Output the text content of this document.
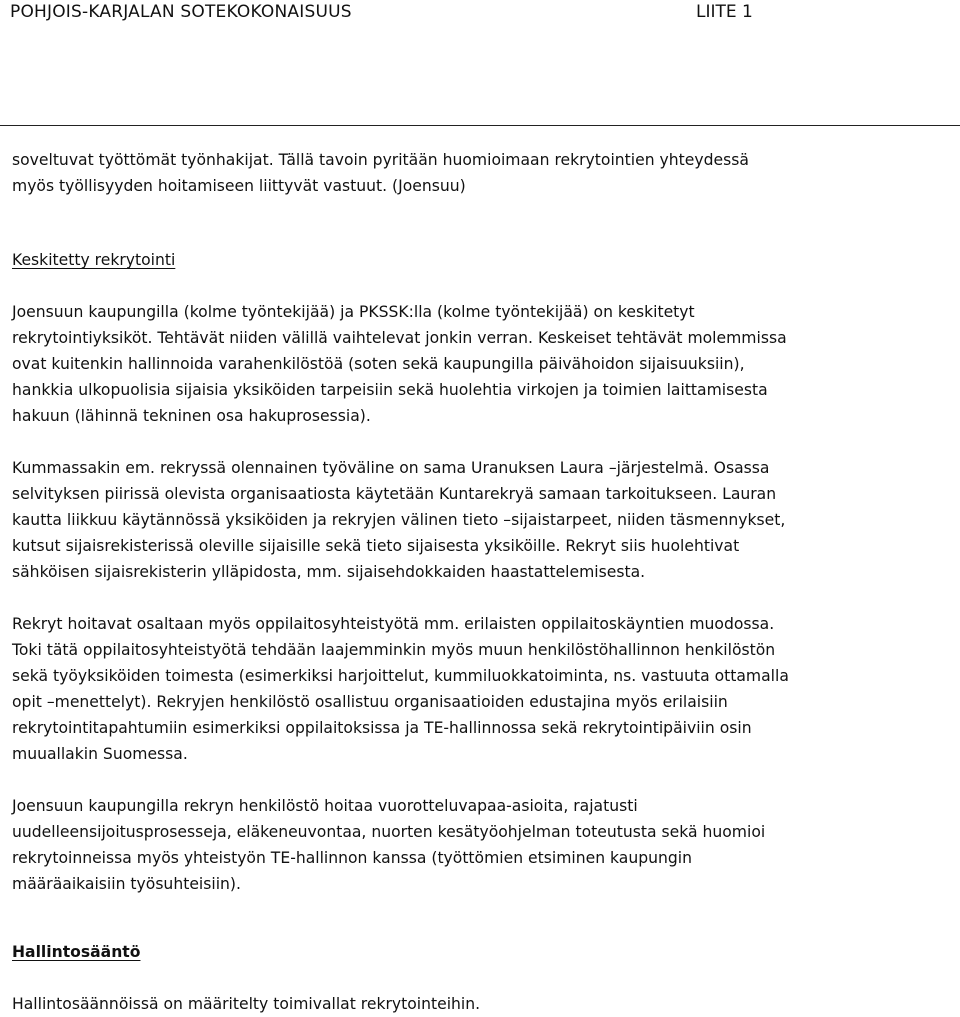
POHJOIS-KARJALAN SOTEKOKONAISUUS	LIITE 1

soveltuvat työttömät työnhakijat. Tällä tavoin pyritään huomioimaan rekrytointien yhteydessä
myös työllisyyden hoitamiseen liittyvät vastuut. (Joensuu)

Keskitetty rekrytointi

Joensuun kaupungilla (kolme työntekijää) ja PKSSK:lla (kolme työntekijää) on keskitetyt
rekrytointiyksiköt. Tehtävät niiden välillä vaihtelevat jonkin verran. Keskeiset tehtävät molemmissa
ovat kuitenkin hallinnoida varahenkilöstöä (soten sekä kaupungilla päivähoidon sijaisuuksiin),
hankkia ulkopuolisia sijaisia yksiköiden tarpeisiin sekä huolehtia virkojen ja toimien laittamisesta
hakuun (lähinnä tekninen osa hakuprosessia).

Kummassakin em. rekryssä olennainen työväline on sama Uranuksen Laura –järjestelmä. Osassa
selvityksen piirissä olevista organisaatiosta käytetään Kuntarekryä samaan tarkoitukseen. Lauran
kautta liikkuu käytännössä yksiköiden ja rekryjen välinen tieto –sijaistarpeet, niiden täsmennykset,
kutsut sijaisrekisterissä oleville sijaisille sekä tieto sijaisesta yksiköille. Rekryt siis huolehtivat
sähköisen sijaisrekisterin ylläpidosta, mm. sijaisehdokkaiden haastattelemisesta.

Rekryt hoitavat osaltaan myös oppilaitosyhteistyötä mm. erilaisten oppilaitoskäyntien muodossa.
Toki tätä oppilaitosyhteistyötä tehdään laajemminkin myös muun henkilöstöhallinnon henkilöstön
sekä työyksiköiden toimesta (esimerkiksi harjoittelut, kummiluokkatoiminta, ns. vastuuta ottamalla
opit –menettelyt). Rekryjen henkilöstö osallistuu organisaatioiden edustajina myös erilaisiin
rekrytointitapahtumiin esimerkiksi oppilaitoksissa ja TE-hallinnossa sekä rekrytointipäiviin osin
muuallakin Suomessa.

Joensuun kaupungilla rekryn henkilöstö hoitaa vuorotteluvapaa-asioita, rajatusti
uudelleensijoitusprosesseja, eläkeneuvontaa, nuorten kesätyöohjelman toteutusta sekä huomioi
rekrytoinneissa myös yhteistyön TE-hallinnon kanssa (työttömien etsiminen kaupungin
määräaikaisiin työsuhteisiin).

Hallintosääntö

Hallintosäännöissä on määritelty toimivallat rekrytointeihin.
